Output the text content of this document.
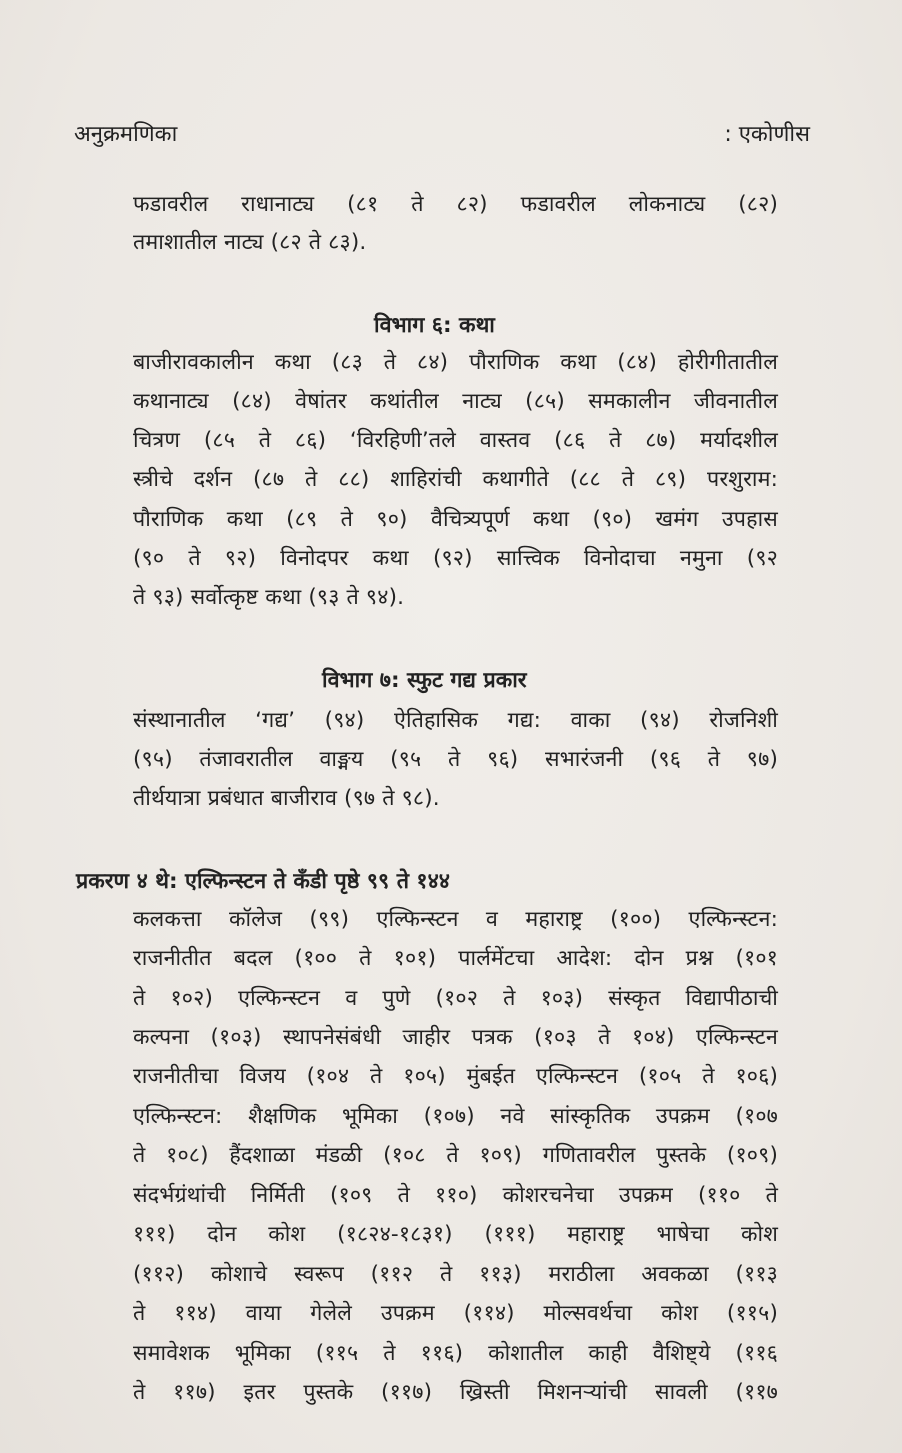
अनुक्रमणिका	: एकोणीस
फडावरील राधानाट्य (८१ ते ८२) फडावरील लोकनाट्य (८२)
तमाशातील नाट्य (८२ ते ८३).
विभाग ६: कथा
बाजीरावकालीन कथा (८३ ते ८४) पौराणिक कथा (८४) होरीगीतातील
कथानाट्य (८४) वेषांतर कथांतील नाट्य (८५) समकालीन जीवनातील
चित्रण (८५ ते ८६) ‘विरहिणी’तले वास्तव (८६ ते ८७) मर्यादशील
स्त्रीचे दर्शन (८७ ते ८८) शाहिरांची कथागीते (८८ ते ८९) परशुराम:
पौराणिक कथा (८९ ते ९०) वैचित्र्यपूर्ण कथा (९०) खमंग उपहास
(९० ते ९२) विनोदपर कथा (९२) सात्त्विक विनोदाचा नमुना (९२
ते ९३) सर्वोत्कृष्ट कथा (९३ ते ९४).
विभाग ७: स्फुट गद्य प्रकार
संस्थानातील ‘गद्य’ (९४) ऐतिहासिक गद्य: वाका (९४) रोजनिशी
(९५) तंजावरातील वाङ्मय (९५ ते ९६) सभारंजनी (९६ ते ९७)
तीर्थयात्रा प्रबंधात बाजीराव (९७ ते ९८).
प्रकरण ४ थे: एल्फिन्स्टन ते कँडी पृष्ठे ९९ ते १४४
कलकत्ता कॉलेज (९९) एल्फिन्स्टन व महाराष्ट्र (१००) एल्फिन्स्टन:
राजनीतीत बदल (१०० ते १०१) पार्लमेंटचा आदेश: दोन प्रश्न (१०१
ते १०२) एल्फिन्स्टन व पुणे (१०२ ते १०३) संस्कृत विद्यापीठाची
कल्पना (१०३) स्थापनेसंबंधी जाहीर पत्रक (१०३ ते १०४) एल्फिन्स्टन
राजनीतीचा विजय (१०४ ते १०५) मुंबईत एल्फिन्स्टन (१०५ ते १०६)
एल्फिन्स्टन: शैक्षणिक भूमिका (१०७) नवे सांस्कृतिक उपक्रम (१०७
ते १०८) हैंदशाळा मंडळी (१०८ ते १०९) गणितावरील पुस्तके (१०९)
संदर्भग्रंथांची निर्मिती (१०९ ते ११०) कोशरचनेचा उपक्रम (११० ते
१११) दोन कोश (१८२४-१८३१) (१११) महाराष्ट्र भाषेचा कोश
(११२) कोशाचे स्वरूप (११२ ते ११३) मराठीला अवकळा (११३
ते ११४) वाया गेलेले उपक्रम (११४) मोल्सवर्थचा कोश (११५)
समावेशक भूमिका (११५ ते ११६) कोशातील काही वैशिष्ट्ये (११६
ते ११७) इतर पुस्तके (११७) ख्रिस्ती मिशनऱ्यांची सावली (११७
